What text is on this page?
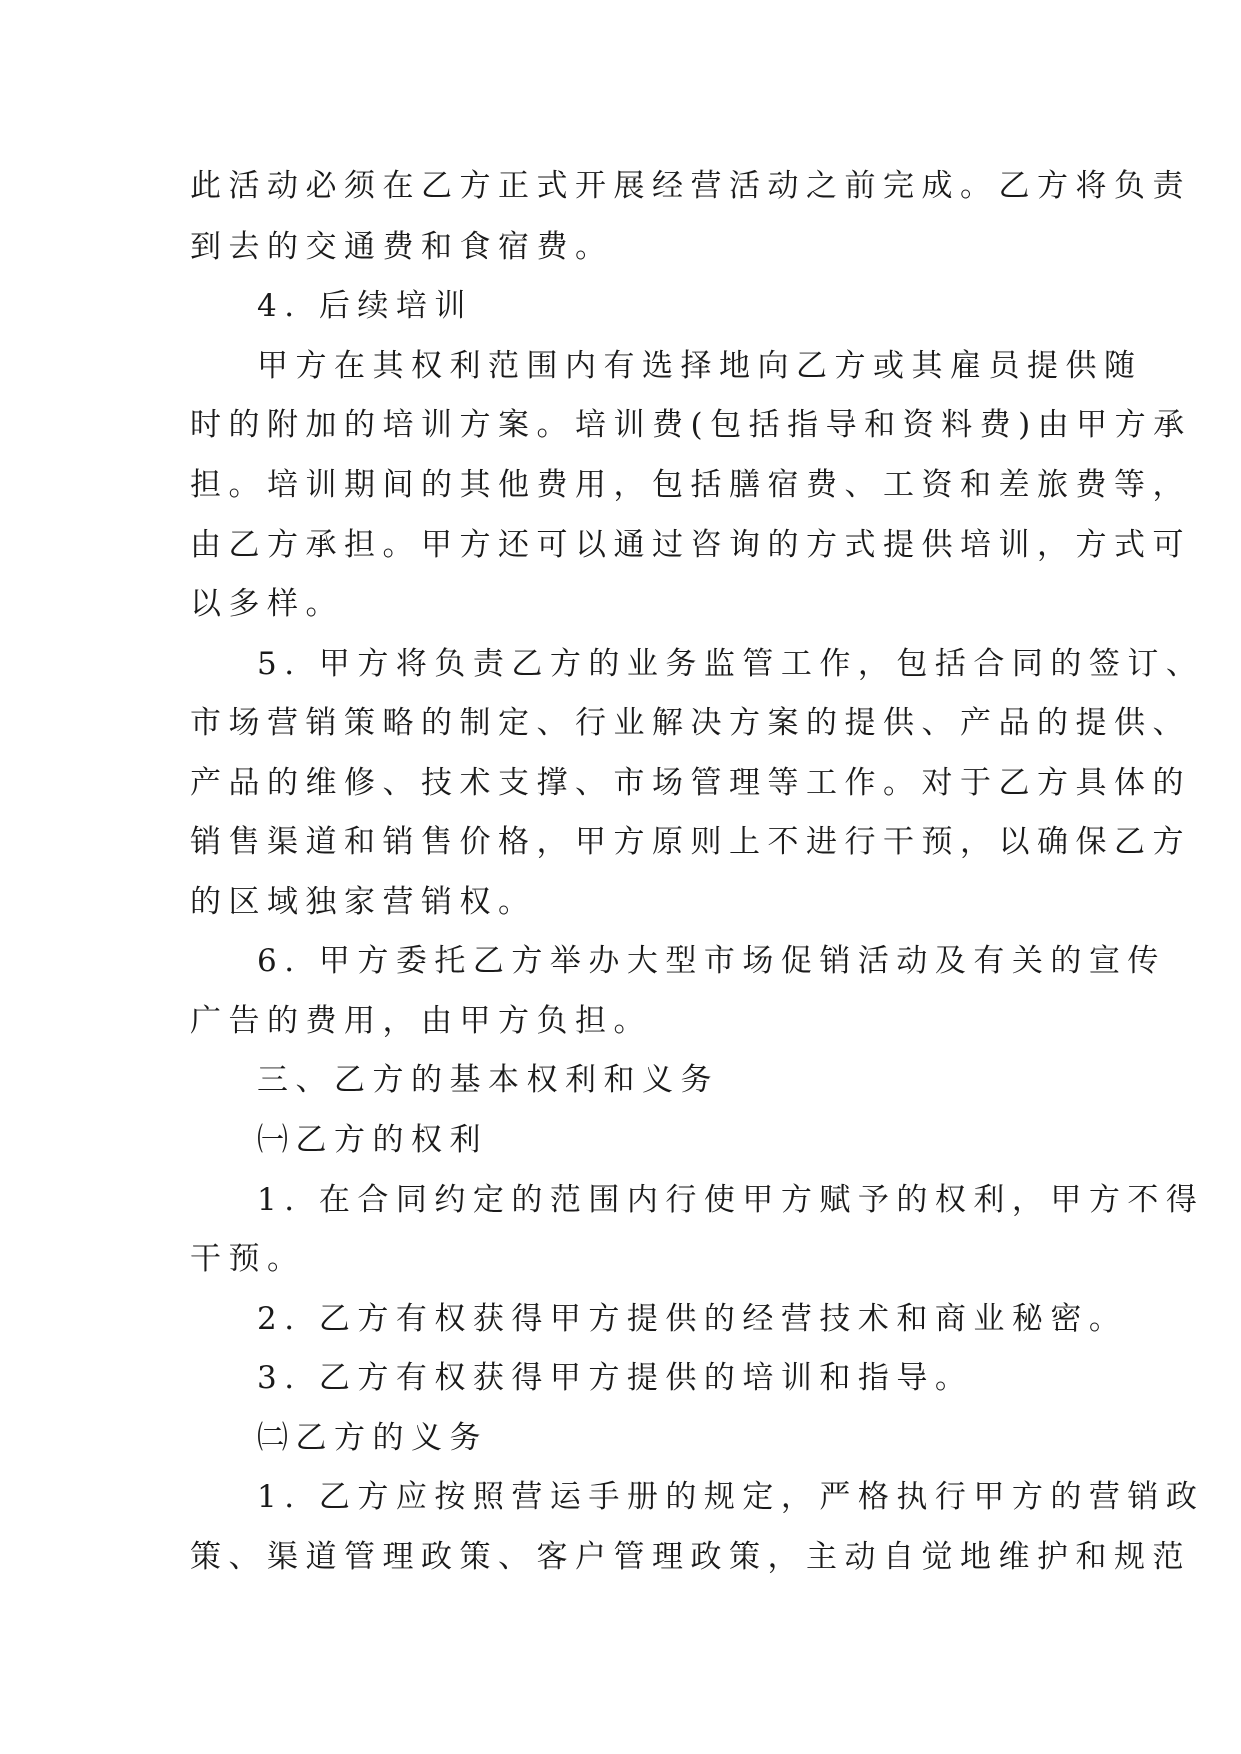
此活动必须在乙方正式开展经营活动之前完成。乙方将负责
到去的交通费和食宿费。
4. 后续培训
甲方在其权利范围内有选择地向乙方或其雇员提供随
时的附加的培训方案。培训费(包括指导和资料费)由甲方承
担。培训期间的其他费用，包括膳宿费、工资和差旅费等，
由乙方承担。甲方还可以通过咨询的方式提供培训，方式可
以多样。
5. 甲方将负责乙方的业务监管工作，包括合同的签订、
市场营销策略的制定、行业解决方案的提供、产品的提供、
产品的维修、技术支撑、市场管理等工作。对于乙方具体的
销售渠道和销售价格，甲方原则上不进行干预，以确保乙方
的区域独家营销权。
6. 甲方委托乙方举办大型市场促销活动及有关的宣传
广告的费用，由甲方负担。
三、乙方的基本权利和义务
㈠乙方的权利
1. 在合同约定的范围内行使甲方赋予的权利，甲方不得
干预。
2. 乙方有权获得甲方提供的经营技术和商业秘密。
3. 乙方有权获得甲方提供的培训和指导。
㈡乙方的义务
1. 乙方应按照营运手册的规定，严格执行甲方的营销政
策、渠道管理政策、客户管理政策，主动自觉地维护和规范
